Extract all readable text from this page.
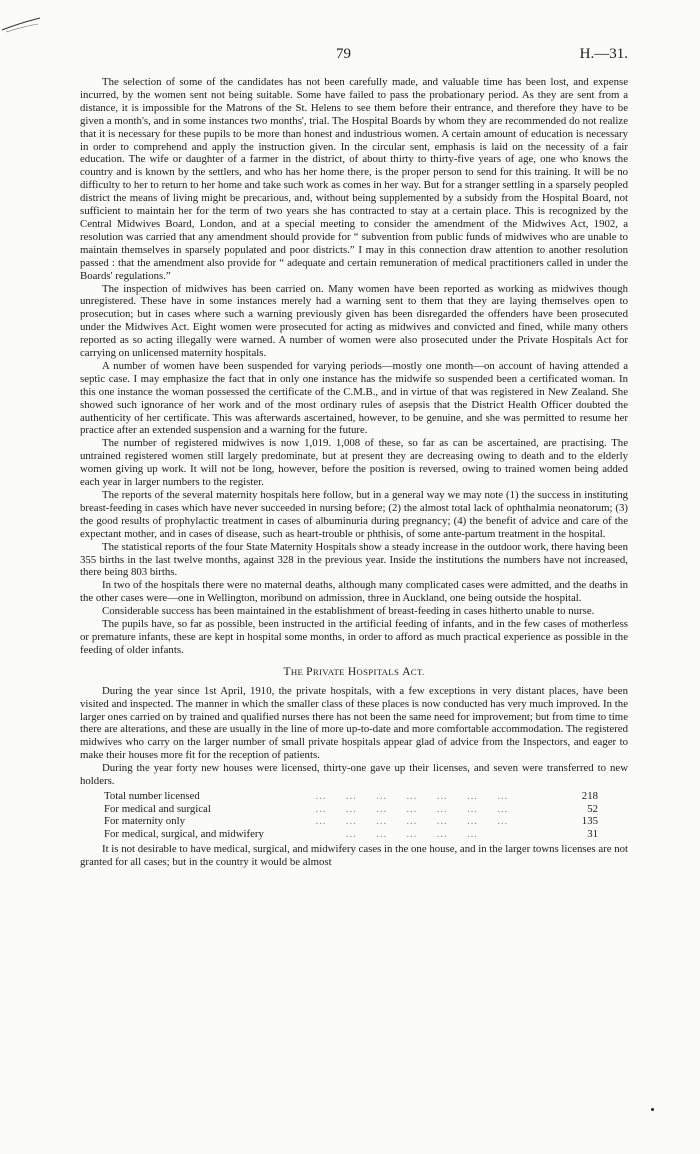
79	H.—31.

The selection of some of the candidates has not been carefully made, and valuable time has been lost, and expense incurred, by the women sent not being suitable. Some have failed to pass the probationary period. As they are sent from a distance, it is impossible for the Matrons of the St. Helens to see them before their entrance, and therefore they have to be given a month's, and in some instances two months', trial. The Hospital Boards by whom they are recommended do not realize that it is necessary for these pupils to be more than honest and industrious women. A certain amount of education is necessary in order to comprehend and apply the instruction given. In the circular sent, emphasis is laid on the necessity of a fair education. The wife or daughter of a farmer in the district, of about thirty to thirty-five years of age, one who knows the country and is known by the settlers, and who has her home there, is the proper person to send for this training. It will be no difficulty to her to return to her home and take such work as comes in her way. But for a stranger settling in a sparsely peopled district the means of living might be precarious, and, without being supplemented by a subsidy from the Hospital Board, not sufficient to maintain her for the term of two years she has contracted to stay at a certain place. This is recognized by the Central Midwives Board, London, and at a special meeting to consider the amendment of the Midwives Act, 1902, a resolution was carried that any amendment should provide for “ subvention from public funds of midwives who are unable to maintain themselves in sparsely populated and poor districts.” I may in this connection draw attention to another resolution passed : that the amendment also provide for “ adequate and certain remuneration of medical practitioners called in under the Boards' regulations.”

The inspection of midwives has been carried on. Many women have been reported as working as midwives though unregistered. These have in some instances merely had a warning sent to them that they are laying themselves open to prosecution; but in cases where such a warning previously given has been disregarded the offenders have been prosecuted under the Midwives Act. Eight women were prosecuted for acting as midwives and convicted and fined, while many others reported as so acting illegally were warned. A number of women were also prosecuted under the Private Hospitals Act for carrying on unlicensed maternity hospitals.

A number of women have been suspended for varying periods—mostly one month—on account of having attended a septic case. I may emphasize the fact that in only one instance has the midwife so suspended been a certificated woman. In this one instance the woman possessed the certificate of the C.M.B., and in virtue of that was registered in New Zealand. She showed such ignorance of her work and of the most ordinary rules of asepsis that the District Health Officer doubted the authenticity of her certificate. This was afterwards ascertained, however, to be genuine, and she was permitted to resume her practice after an extended suspension and a warning for the future.

The number of registered midwives is now 1,019. 1,008 of these, so far as can be ascertained, are practising. The untrained registered women still largely predominate, but at present they are decreasing owing to death and to the elderly women giving up work. It will not be long, however, before the position is reversed, owing to trained women being added each year in larger numbers to the register.

The reports of the several maternity hospitals here follow, but in a general way we may note (1) the success in instituting breast-feeding in cases which have never succeeded in nursing before; (2) the almost total lack of ophthalmia neonatorum; (3) the good results of prophylactic treatment in cases of albuminuria during pregnancy; (4) the benefit of advice and care of the expectant mother, and in cases of disease, such as heart-trouble or phthisis, of some ante-partum treatment in the hospital.

The statistical reports of the four State Maternity Hospitals show a steady increase in the outdoor work, there having been 355 births in the last twelve months, against 328 in the previous year. Inside the institutions the numbers have not increased, there being 803 births.

In two of the hospitals there were no maternal deaths, although many complicated cases were admitted, and the deaths in the other cases were—one in Wellington, moribund on admission, three in Auckland, one being outside the hospital.

Considerable success has been maintained in the establishment of breast-feeding in cases hitherto unable to nurse.

The pupils have, so far as possible, been instructed in the artificial feeding of infants, and in the few cases of motherless or premature infants, these are kept in hospital some months, in order to afford as much practical experience as possible in the feeding of older infants.

THE PRIVATE HOSPITALS ACT.

During the year since 1st April, 1910, the private hospitals, with a few exceptions in very distant places, have been visited and inspected. The manner in which the smaller class of these places is now conducted has very much improved. In the larger ones carried on by trained and qualified nurses there has not been the same need for improvement; but from time to time there are alterations, and these are usually in the line of more up-to-date and more comfortable accommodation. The registered midwives who carry on the larger number of small private hospitals appear glad of advice from the Inspectors, and eager to make their houses more fit for the reception of patients.

During the year forty new houses were licensed, thirty-one gave up their licenses, and seven were transferred to new holders.

Total number licensed	…     …     …     …     …     …     …	218
For medical and surgical	…     …     …     …     …     …     …	52
For maternity only	…     …     …     …     …     …     …	135
For medical, surgical, and midwifery	…     …     …     …     …	31

It is not desirable to have medical, surgical, and midwifery cases in the one house, and in the larger towns licenses are not granted for all cases; but in the country it would be almost
